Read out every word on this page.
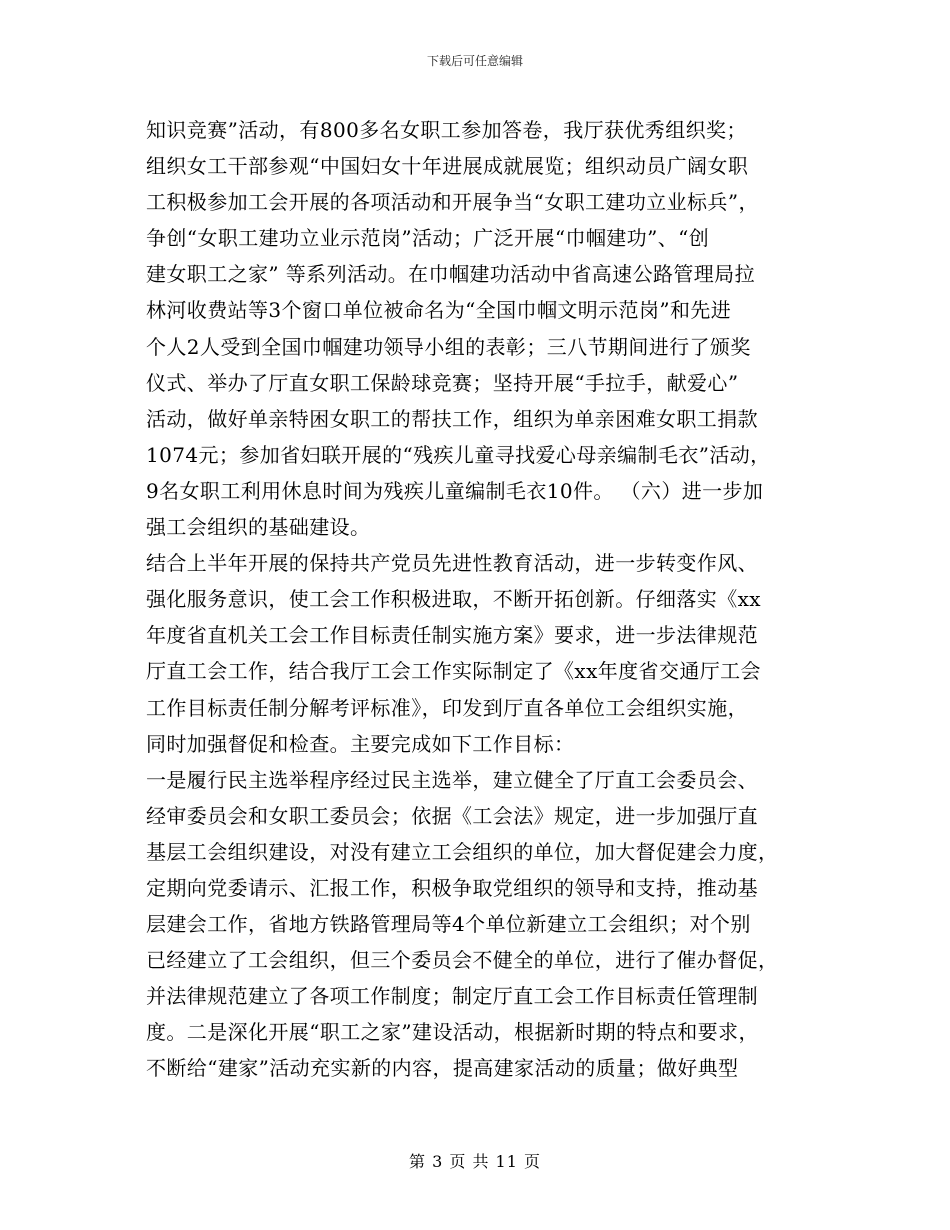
下载后可任意编辑
知识竞赛”活动，有800多名女职工参加答卷，我厅获优秀组织奖；
组织女工干部参观“中国妇女十年进展成就展览；组织动员广阔女职
工积极参加工会开展的各项活动和开展争当“女职工建功立业标兵”，
争创“女职工建功立业示范岗”活动；广泛开展“巾帼建功”、“创
建女职工之家” 等系列活动。在巾帼建功活动中省高速公路管理局拉
林河收费站等3个窗口单位被命名为“全国巾帼文明示范岗”和先进
个人2人受到全国巾帼建功领导小组的表彰；三八节期间进行了颁奖
仪式、举办了厅直女职工保龄球竞赛；坚持开展“手拉手，献爱心”
活动，做好单亲特困女职工的帮扶工作，组织为单亲困难女职工捐款
1074元；参加省妇联开展的“残疾儿童寻找爱心母亲编制毛衣”活动，
9名女职工利用休息时间为残疾儿童编制毛衣10件。 （六）进一步加
强工会组织的基础建设。
结合上半年开展的保持共产党员先进性教育活动，进一步转变作风、
强化服务意识，使工会工作积极进取，不断开拓创新。仔细落实《xx
年度省直机关工会工作目标责任制实施方案》要求，进一步法律规范
厅直工会工作，结合我厅工会工作实际制定了《xx年度省交通厅工会
工作目标责任制分解考评标准》，印发到厅直各单位工会组织实施，
同时加强督促和检查。主要完成如下工作目标：
一是履行民主选举程序经过民主选举，建立健全了厅直工会委员会、
经审委员会和女职工委员会；依据《工会法》规定，进一步加强厅直
基层工会组织建设，对没有建立工会组织的单位，加大督促建会力度，
定期向党委请示、汇报工作，积极争取党组织的领导和支持，推动基
层建会工作，省地方铁路管理局等4个单位新建立工会组织；对个别
已经建立了工会组织，但三个委员会不健全的单位，进行了催办督促，
并法律规范建立了各项工作制度；制定厅直工会工作目标责任管理制
度。二是深化开展“职工之家”建设活动，根据新时期的特点和要求，
不断给“建家”活动充实新的内容，提高建家活动的质量；做好典型
第 3 页 共 11 页
